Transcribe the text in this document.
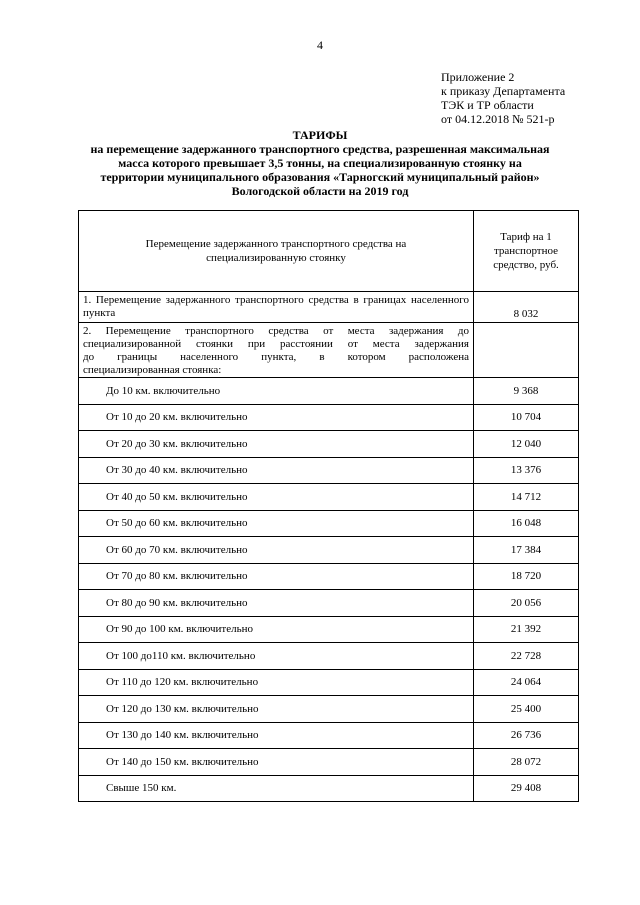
4
Приложение 2
к приказу Департамента
ТЭК и ТР области
от 04.12.2018 № 521-р
ТАРИФЫ
на перемещение задержанного транспортного средства, разрешенная максимальная
масса которого превышает 3,5 тонны, на специализированную стоянку на
территории муниципального образования «Тарногский муниципальный район»
Вологодской области на 2019 год
Перемещение задержанного транспортного средства на
специализированную стоянку	Тариф на 1
транспортное
средство, руб.

1. Перемещение задержанного транспортного средства в границах населенного пункта	8 032

2. Перемещение транспортного средства от места задержания до
специализированной стоянки при расстоянии от места задержания
до границы населенного пункта, в котором расположена
специализированная стоянка:	

До 10 км. включительно	9 368
От 10 до 20 км. включительно	10 704
От 20 до 30 км. включительно	12 040
От 30 до 40 км. включительно	13 376
От 40 до 50 км. включительно	14 712
От 50 до 60 км. включительно	16 048
От 60 до 70 км. включительно	17 384
От 70 до 80 км. включительно	18 720
От 80 до 90 км. включительно	20 056
От 90 до 100 км. включительно	21 392
От 100 до110 км. включительно	22 728
От 110 до 120 км. включительно	24 064
От 120 до 130 км. включительно	25 400
От 130 до 140 км. включительно	26 736
От 140 до 150 км. включительно	28 072
Свыше 150 км.	29 408
